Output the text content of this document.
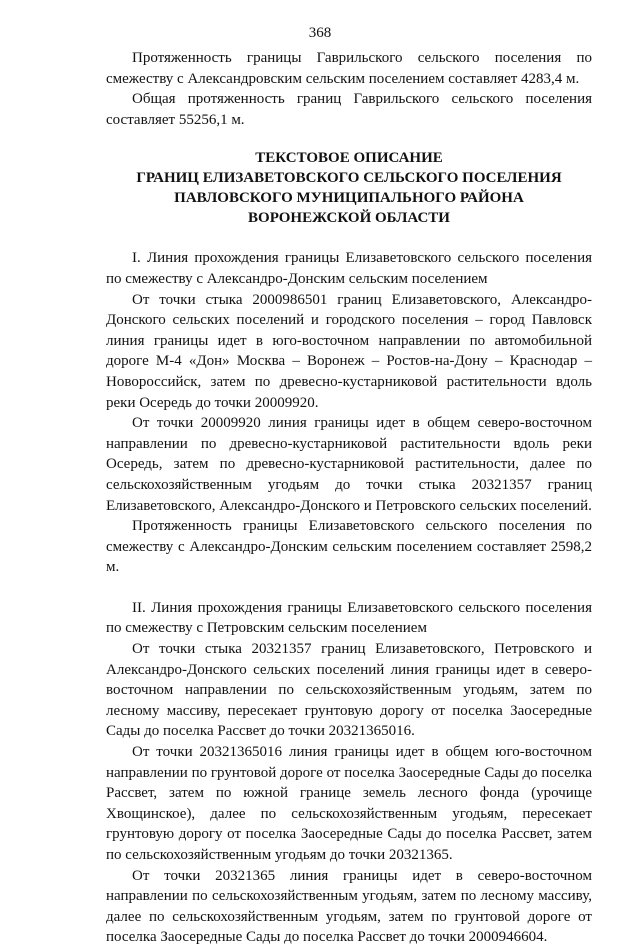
368

Протяженность границы Гаврильского сельского поселения по смежеству с Александровским сельским поселением составляет 4283,4 м.

Общая протяженность границ Гаврильского сельского поселения составляет 55256,1 м.

ТЕКСТОВОЕ ОПИСАНИЕ
ГРАНИЦ ЕЛИЗАВЕТОВСКОГО СЕЛЬСКОГО ПОСЕЛЕНИЯ
ПАВЛОВСКОГО МУНИЦИПАЛЬНОГО РАЙОНА
ВОРОНЕЖСКОЙ ОБЛАСТИ

I. Линия прохождения границы Елизаветовского сельского поселения по смежеству с Александро-Донским сельским поселением

От точки стыка 2000986501 границ Елизаветовского, Александро-Донского сельских поселений и городского поселения – город Павловск линия границы идет в юго-восточном направлении по автомобильной дороге М-4 «Дон» Москва – Воронеж – Ростов-на-Дону – Краснодар – Новороссийск, затем по древесно-кустарниковой растительности вдоль реки Осередь до точки 20009920.

От точки 20009920 линия границы идет в общем северо-восточном направлении по древесно-кустарниковой растительности вдоль реки Осередь, затем по древесно-кустарниковой растительности, далее по сельскохозяйственным угодьям до точки стыка 20321357 границ Елизаветовского, Александро-Донского и Петровского сельских поселений.

Протяженность границы Елизаветовского сельского поселения по смежеству с Александро-Донским сельским поселением составляет 2598,2 м.

II. Линия прохождения границы Елизаветовского сельского поселения по смежеству с Петровским сельским поселением

От точки стыка 20321357 границ Елизаветовского, Петровского и Александро-Донского сельских поселений линия границы идет в северо-восточном направлении по сельскохозяйственным угодьям, затем по лесному массиву, пересекает грунтовую дорогу от поселка Заосередные Сады до поселка Рассвет до точки 20321365016.

От точки 20321365016 линия границы идет в общем юго-восточном направлении по грунтовой дороге от поселка Заосередные Сады до поселка Рассвет, затем по южной границе земель лесного фонда (урочище Хвощинское), далее по сельскохозяйственным угодьям, пересекает грунтовую дорогу от поселка Заосередные Сады до поселка Рассвет, затем по сельскохозяйственным угодьям до точки 20321365.

От точки 20321365 линия границы идет в северо-восточном направлении по сельскохозяйственным угодьям, затем по лесному массиву, далее по сельскохозяйственным угодьям, затем по грунтовой дороге от поселка Заосередные Сады до поселка Рассвет до точки 2000946604.
